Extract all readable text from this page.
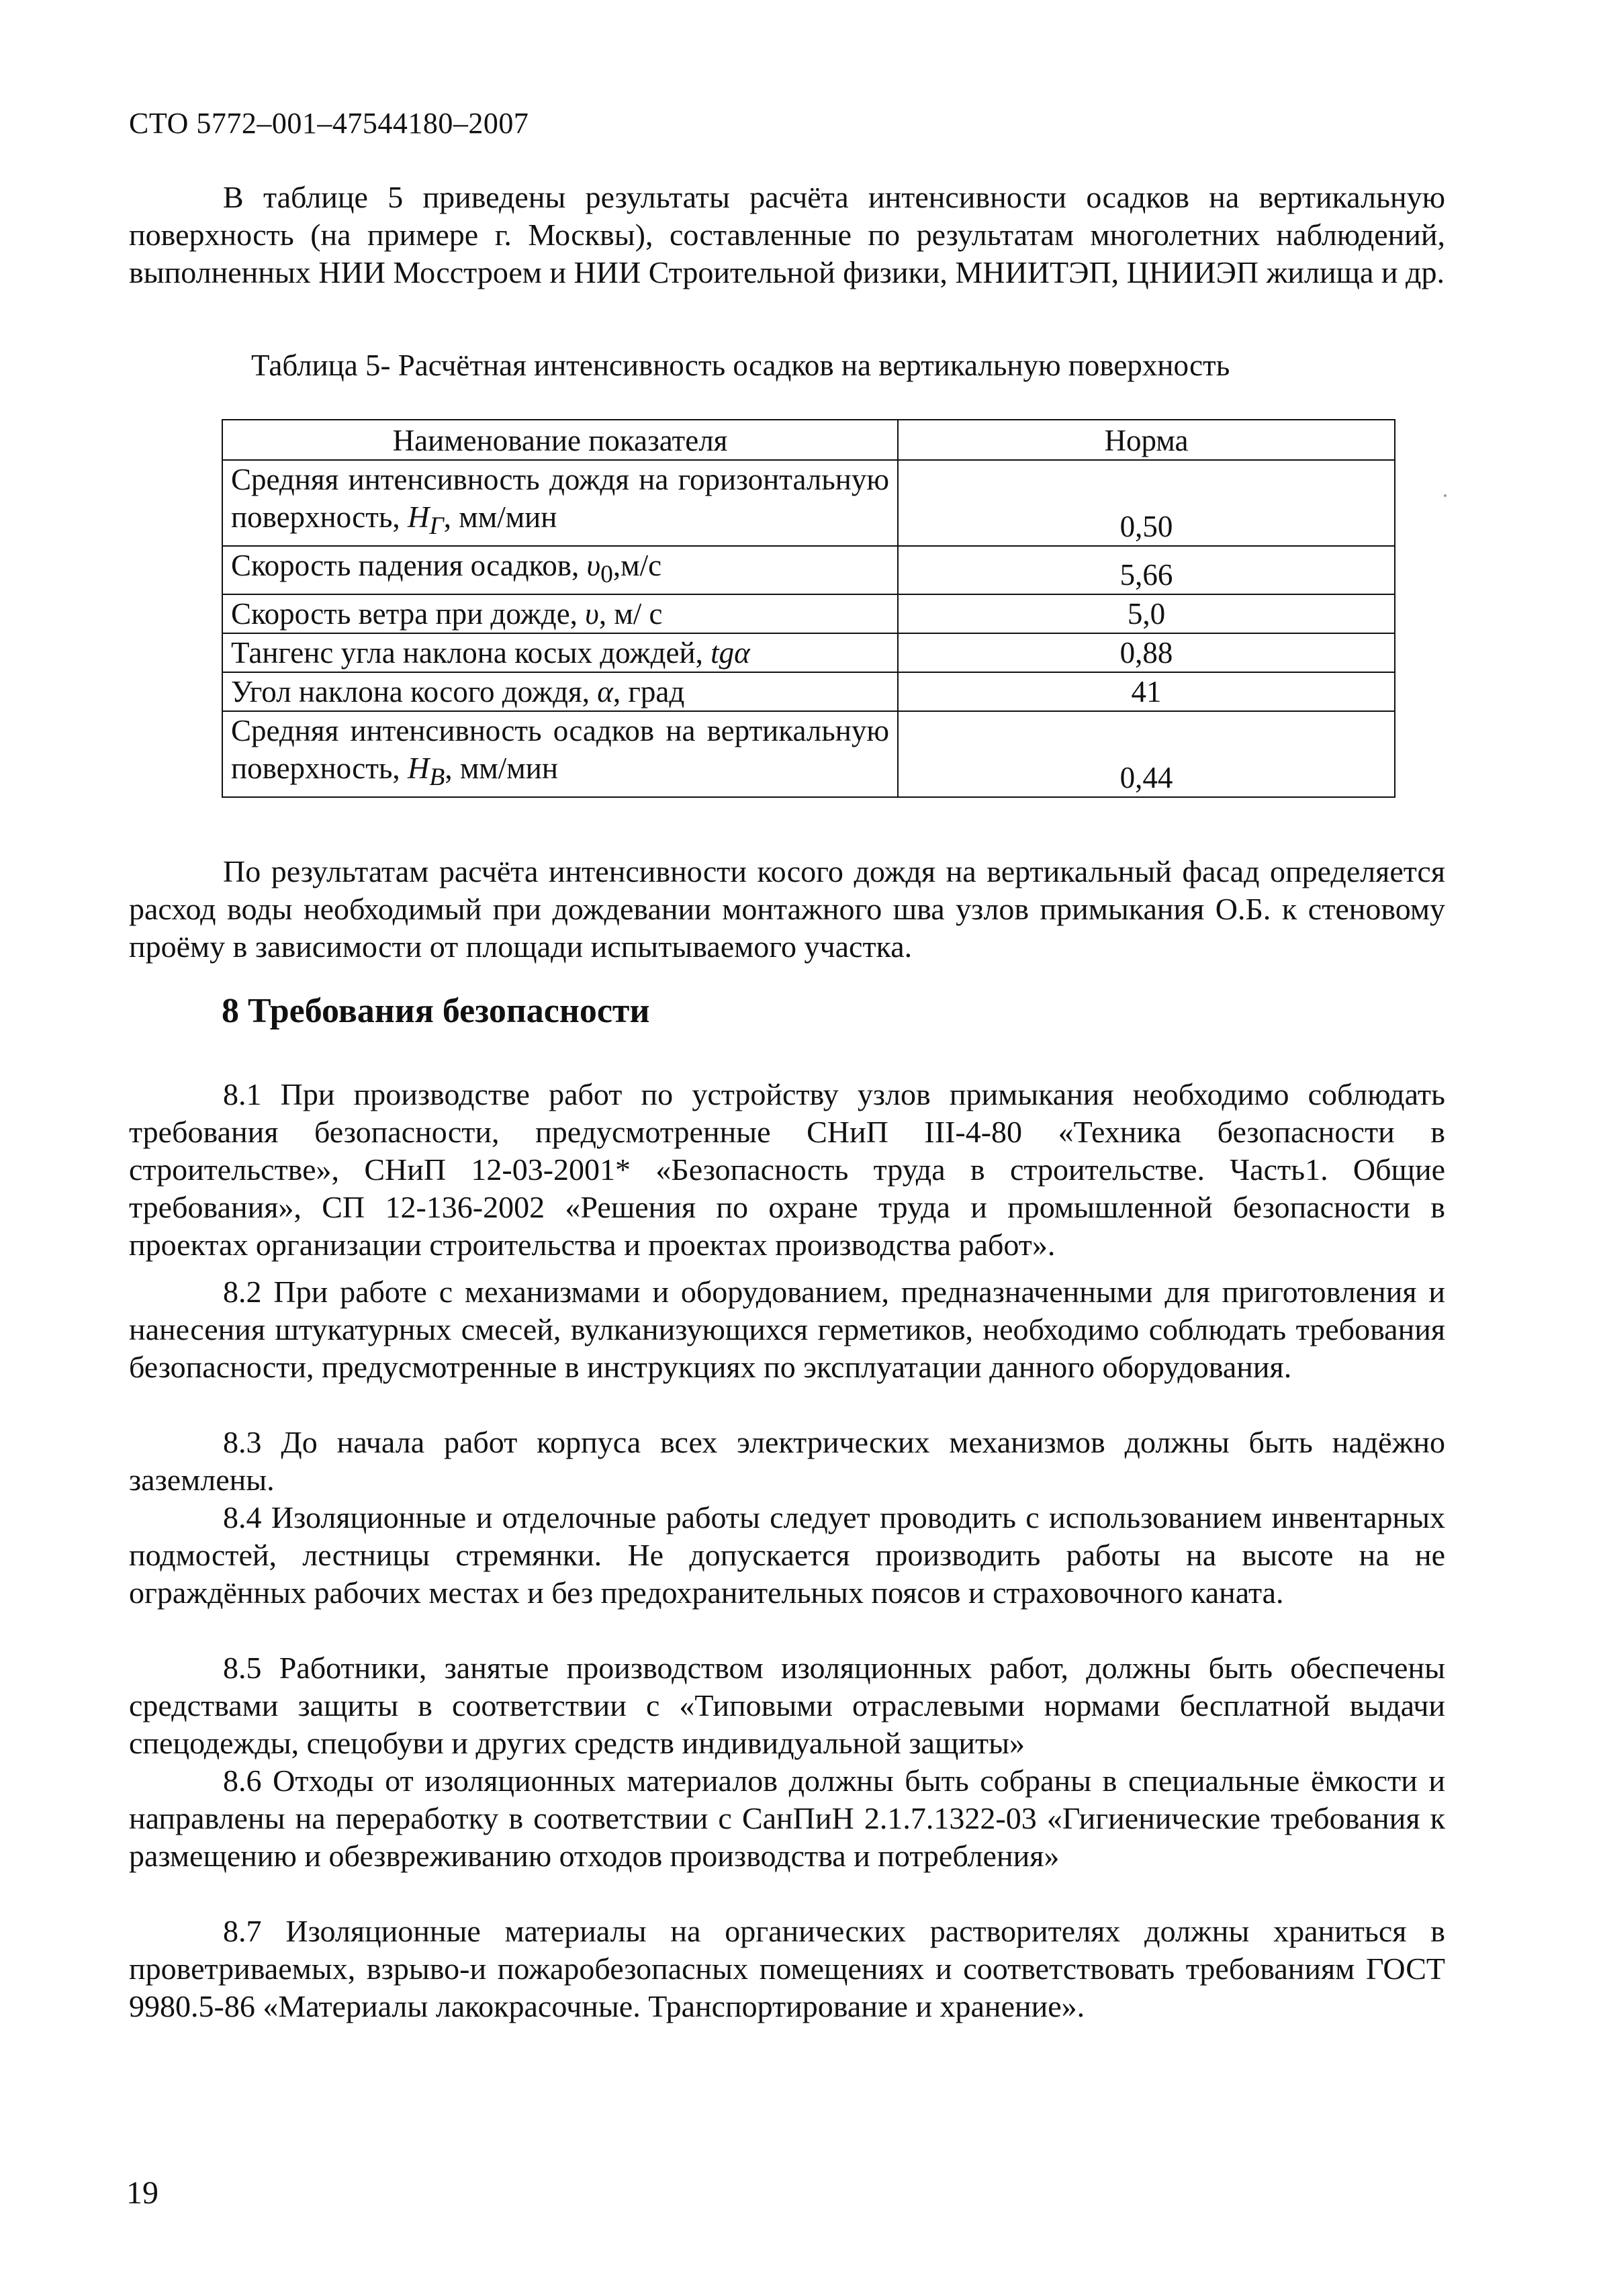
СТО 5772–001–47544180–2007

В таблице 5 приведены результаты расчёта интенсивности осадков на вертикальную поверхность (на примере г. Москвы), составленные по результатам многолетних наблюдений, выполненных НИИ Мосстроем и НИИ Строительной физики, МНИИТЭП, ЦНИИЭП жилища и др.

Таблица 5- Расчётная интенсивность осадков на вертикальную поверхность
Наименование показателя	Норма
Средняя интенсивность дождя на горизонтальную поверхность, $Н_Г$, мм/мин	0,50
Скорость падения осадков, $\upsilon_0,м/с$	5,66
Скорость ветра при дожде, υ, м/ с	5,0
Тангенс угла наклона косых дождей, tgα	0,88
Угол наклона косого дождя, α, град	41
Средняя интенсивность осадков на вертикальную поверхность, $Н_В$, мм/мин	0,44

По результатам расчёта интенсивности косого дождя на вертикальный фасад определяется расход воды необходимый при дождевании монтажного шва узлов примыкания О.Б. к стеновому проёму в зависимости от площади испытываемого участка.

8 Требования безопасности

8.1 При производстве работ по устройству узлов примыкания необходимо соблюдать требования безопасности, предусмотренные СНиП III-4-80 «Техника безопасности в строительстве», СНиП 12-03-2001* «Безопасность труда в строительстве. Часть1. Общие требования», СП 12-136-2002 «Решения по охране труда и промышленной безопасности в проектах организации строительства и проектах производства работ».

8.2 При работе с механизмами и оборудованием, предназначенными для приготовления и нанесения штукатурных смесей, вулканизующихся герметиков, необходимо соблюдать требования безопасности, предусмотренные в инструкциях по эксплуатации данного оборудования.

8.3 До начала работ корпуса всех электрических механизмов должны быть надёжно заземлены.

8.4 Изоляционные и отделочные работы следует проводить с использованием инвентарных подмостей, лестницы стремянки. Не допускается производить работы на высоте на не ограждённых рабочих местах и без предохранительных поясов и страховочного каната.

8.5 Работники, занятые производством изоляционных работ, должны быть обеспечены средствами защиты в соответствии с «Типовыми отраслевыми нормами бесплатной выдачи спецодежды, спецобуви и других средств индивидуальной защиты»

8.6 Отходы от изоляционных материалов должны быть собраны в специальные ёмкости и направлены на переработку в соответствии с СанПиН 2.1.7.1322-03 «Гигиенические требования к размещению и обезвреживанию отходов производства и потребления»

8.7 Изоляционные материалы на органических растворителях должны храниться в проветриваемых, взрыво-и пожаробезопасных помещениях и соответствовать требованиям ГОСТ 9980.5-86 «Материалы лакокрасочные. Транспортирование и хранение».

19
